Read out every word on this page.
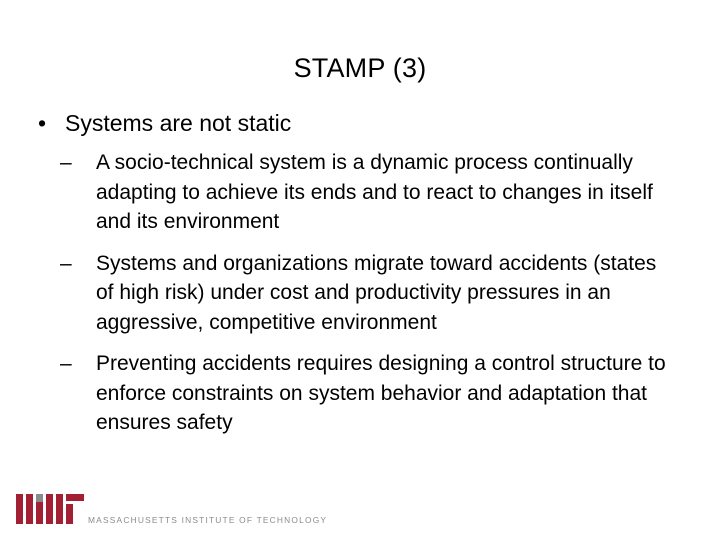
STAMP (3)
• Systems are not static
–	A socio-technical system is a dynamic process continually adapting to achieve its ends and to react to changes in itself and its environment
–	Systems and organizations migrate toward accidents (states of high risk) under cost and productivity pressures in an aggressive, competitive environment
–	Preventing accidents requires designing a control structure to enforce constraints on system behavior and adaptation that ensures safety
MASSACHUSETTS INSTITUTE OF TECHNOLOGY
